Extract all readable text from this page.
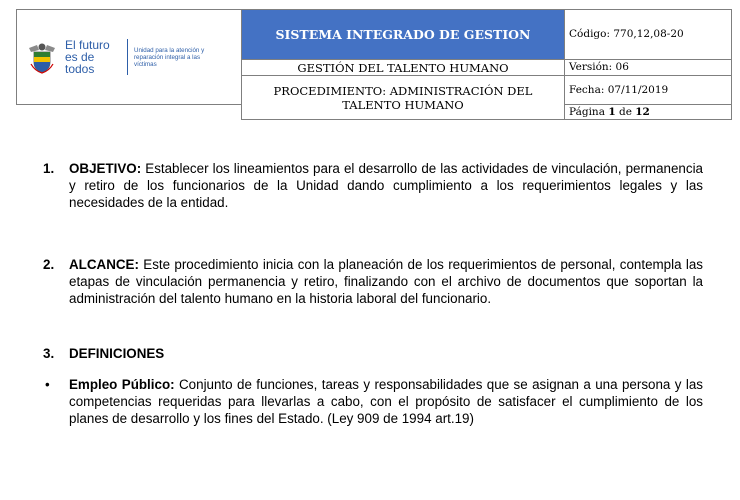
El futuro es de todos
Unidad para la atención y reparación integral a las víctimas	SISTEMA INTEGRADO DE GESTION	Código: 770,12,08-20
	GESTIÓN DEL TALENTO HUMANO	Versión: 06
	PROCEDIMIENTO: ADMINISTRACIÓN DEL TALENTO HUMANO	Fecha: 07/11/2019
		Página 1 de 12
1. OBJETIVO: Establecer los lineamientos para el desarrollo de las actividades de vinculación, permanencia y retiro de los funcionarios de la Unidad dando cumplimiento a los requerimientos legales y las necesidades de la entidad.
2. ALCANCE: Este procedimiento inicia con la planeación de los requerimientos de personal, contempla las etapas de vinculación permanencia y retiro, finalizando con el archivo de documentos que soportan la administración del talento humano en la historia laboral del funcionario.
3. DEFINICIONES
• Empleo Público: Conjunto de funciones, tareas y responsabilidades que se asignan a una persona y las competencias requeridas para llevarlas a cabo, con el propósito de satisfacer el cumplimiento de los planes de desarrollo y los fines del Estado. (Ley 909 de 1994 art.19)
